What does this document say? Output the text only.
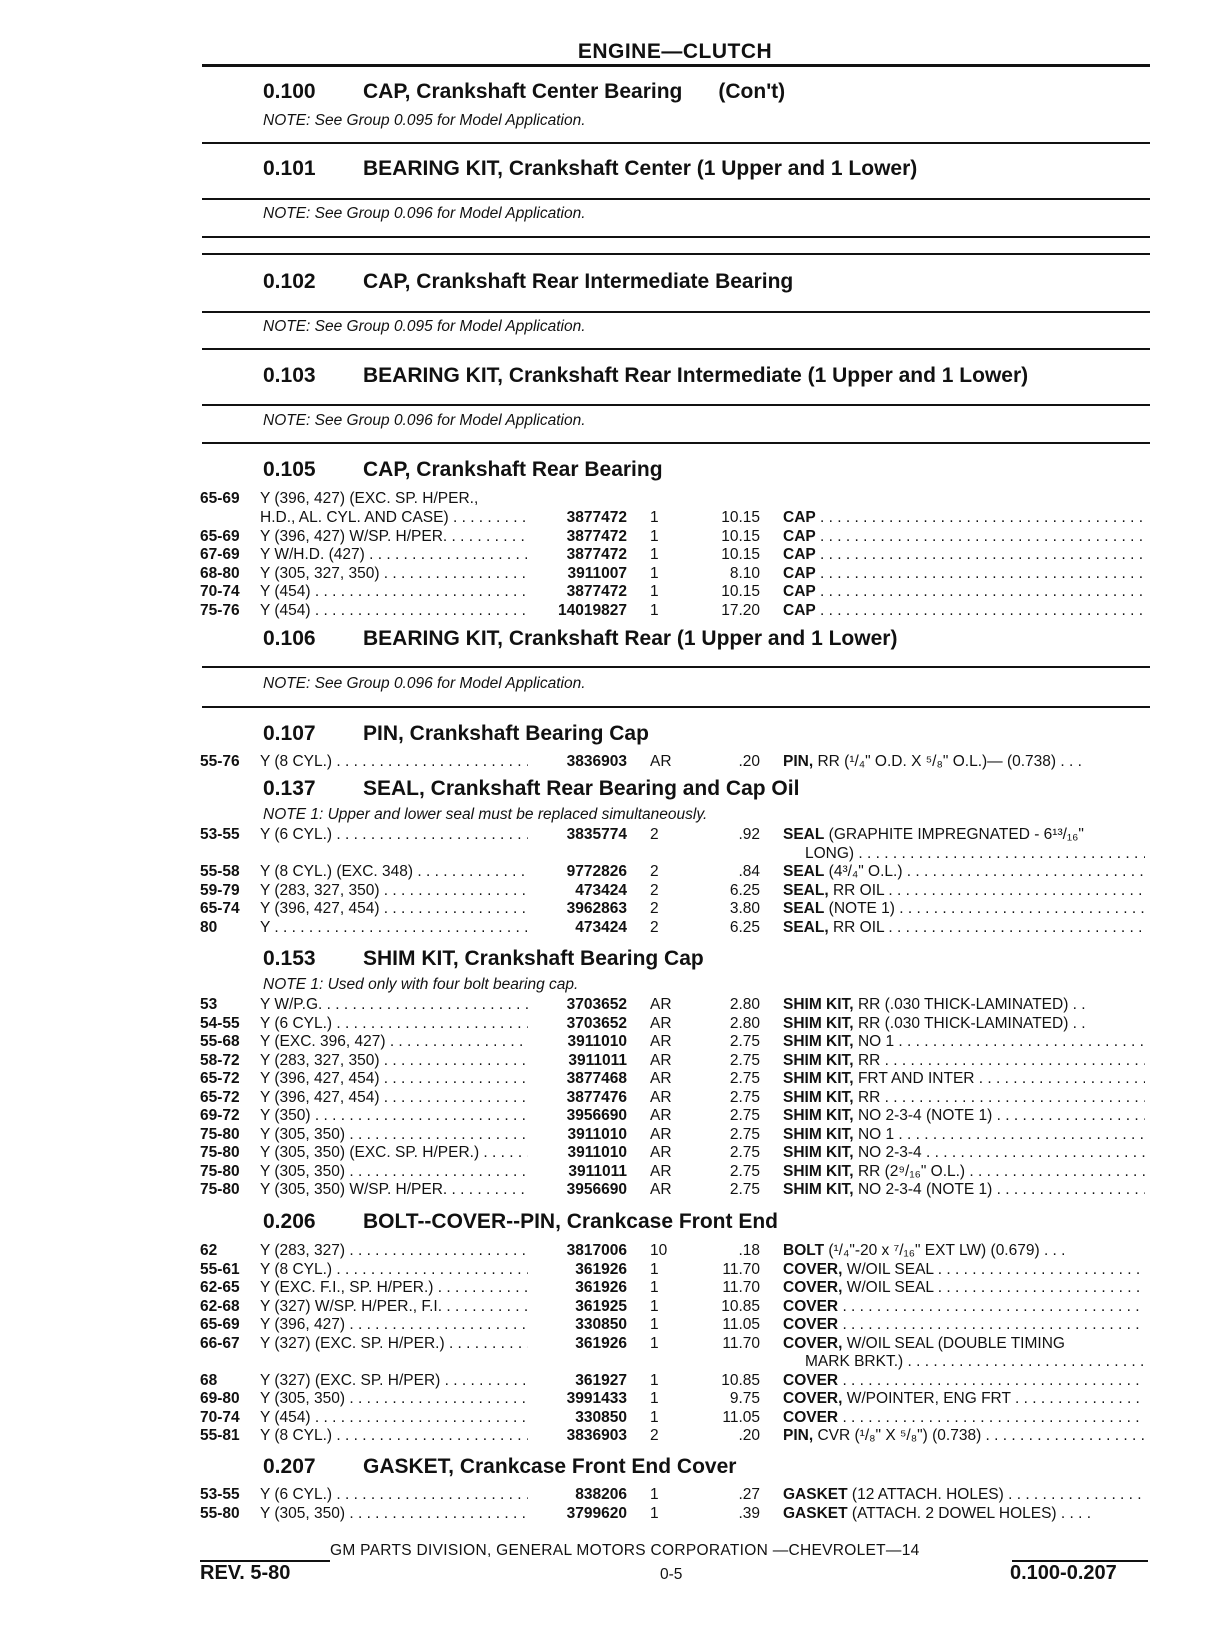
ENGINE—CLUTCH
0.100 CAP, Crankshaft Center Bearing (Con't)
NOTE: See Group 0.095 for Model Application.
0.101 BEARING KIT, Crankshaft Center (1 Upper and 1 Lower)
NOTE: See Group 0.096 for Model Application.
0.102 CAP, Crankshaft Rear Intermediate Bearing
NOTE: See Group 0.095 for Model Application.
0.103 BEARING KIT, Crankshaft Rear Intermediate (1 Upper and 1 Lower)
NOTE: See Group 0.096 for Model Application.
0.105 CAP, Crankshaft Rear Bearing
65-69 Y (396, 427) (EXC. SP. H/PER.,
H.D., AL. CYL. AND CASE) . . .	3877472 1	10.15 CAP . . .
65-69 Y (396, 427) W/SP. H/PER. . . .	3877472 1	10.15 CAP . . .
67-69 Y W/H.D. (427) . . .	3877472 1	10.15 CAP . . .
68-80 Y (305, 327, 350) . . .	3911007 1	8.10 CAP . . .
70-74 Y (454) . . .	3877472 1	10.15 CAP . . .
75-76 Y (454) . . .	14019827 1	17.20 CAP . . .
0.106 BEARING KIT, Crankshaft Rear (1 Upper and 1 Lower)
NOTE: See Group 0.096 for Model Application.
0.107 PIN, Crankshaft Bearing Cap
55-76 Y (8 CYL.) . . .	3836903 AR	.20 PIN, RR (¹/₄" O.D. X ⁵/₈" O.L.)— (0.738) . . .
0.137 SEAL, Crankshaft Rear Bearing and Cap Oil
NOTE 1: Upper and lower seal must be replaced simultaneously.
53-55 Y (6 CYL.) . . .	3835774 2	.92 SEAL (GRAPHITE IMPREGNATED - 6¹³/₁₆"
LONG) . . .
55-58 Y (8 CYL.) (EXC. 348) . . .	9772826 2	.84 SEAL (4³/₄" O.L.) . . .
59-79 Y (283, 327, 350) . . .	473424 2	6.25 SEAL, RR OIL . . .
65-74 Y (396, 427, 454) . . .	3962863 2	3.80 SEAL (NOTE 1) . . .
80	Y . . .	473424 2	6.25 SEAL, RR OIL . . .
0.153 SHIM KIT, Crankshaft Bearing Cap
NOTE 1: Used only with four bolt bearing cap.
53	Y W/P.G. . . .	3703652 AR	2.80 SHIM KIT, RR (.030 THICK-LAMINATED) . .
54-55 Y (6 CYL.) . . .	3703652 AR	2.80 SHIM KIT, RR (.030 THICK-LAMINATED) . .
55-68 Y (EXC. 396, 427) . . .	3911010 AR	2.75 SHIM KIT, NO 1 . . .
58-72 Y (283, 327, 350) . . .	3911011 AR	2.75 SHIM KIT, RR . . .
65-72 Y (396, 427, 454) . . .	3877468 AR	2.75 SHIM KIT, FRT AND INTER . . .
65-72 Y (396, 427, 454) . . .	3877476 AR	2.75 SHIM KIT, RR . . .
69-72 Y (350) . . .	3956690 AR	2.75 SHIM KIT, NO 2-3-4 (NOTE 1) . . .
75-80 Y (305, 350) . . .	3911010 AR	2.75 SHIM KIT, NO 1 . . .
75-80 Y (305, 350) (EXC. SP. H/PER.) . . .	3911010 AR	2.75 SHIM KIT, NO 2-3-4 . . .
75-80 Y (305, 350) . . .	3911011 AR	2.75 SHIM KIT, RR (2⁹/₁₆" O.L.) . . .
75-80 Y (305, 350) W/SP. H/PER. . . .	3956690 AR	2.75 SHIM KIT, NO 2-3-4 (NOTE 1) . . .
0.206 BOLT--COVER--PIN, Crankcase Front End
62	Y (283, 327) . . .	3817006 10	.18 BOLT (¹/₄"-20 x ⁷/₁₆" EXT LW) (0.679) . . .
55-61 Y (8 CYL.) . . .	361926 1	11.70 COVER, W/OIL SEAL . . .
62-65 Y (EXC. F.I., SP. H/PER.) . . .	361926 1	11.70 COVER, W/OIL SEAL . . .
62-68 Y (327) W/SP. H/PER., F.I. . . .	361925 1	10.85 COVER . . .
65-69 Y (396, 427) . . .	330850 1	11.05 COVER . . .
66-67 Y (327) (EXC. SP. H/PER.) . . .	361926 1	11.70 COVER, W/OIL SEAL (DOUBLE TIMING
MARK BRKT.) . . .
68	Y (327) (EXC. SP. H/PER) . . .	361927 1	10.85 COVER . . .
69-80 Y (305, 350) . . .	3991433 1	9.75 COVER, W/POINTER, ENG FRT . . .
70-74 Y (454) . . .	330850 1	11.05 COVER . . .
55-81 Y (8 CYL.) . . .	3836903 2	.20 PIN, CVR (¹/₈" X ⁵/₈") (0.738) . . .
0.207 GASKET, Crankcase Front End Cover
53-55 Y (6 CYL.) . . .	838206 1	.27 GASKET (12 ATTACH. HOLES) . . .
55-80 Y (305, 350) . . .	3799620 1	.39 GASKET (ATTACH. 2 DOWEL HOLES) . . . .
GM PARTS DIVISION, GENERAL MOTORS CORPORATION —CHEVROLET—14
REV. 5-80	0-5	0.100-0.207
